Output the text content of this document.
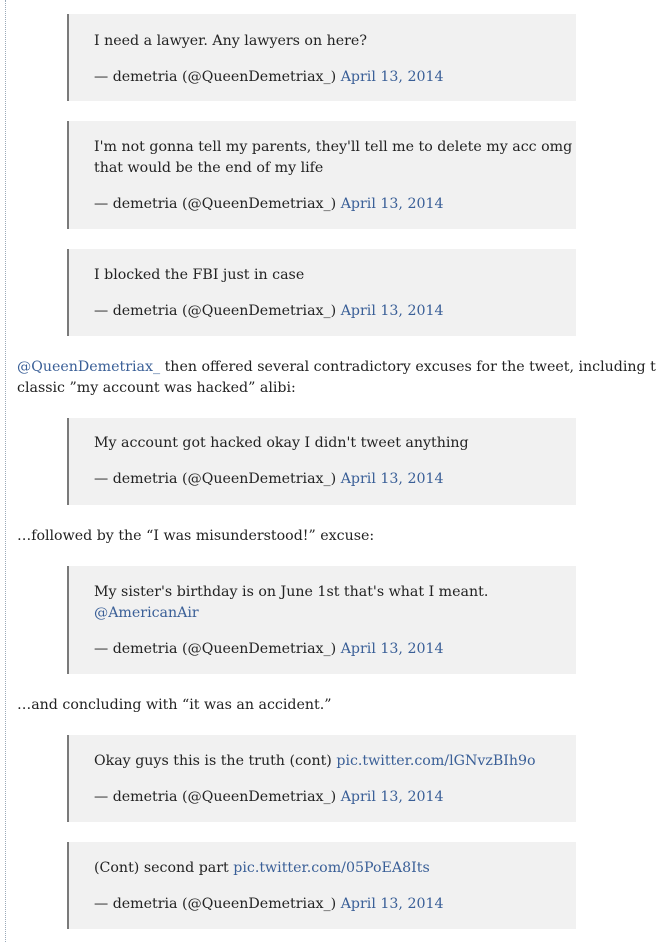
I need a lawyer. Any lawyers on here?

— demetria (@QueenDemetriax_) April 13, 2014

I'm not gonna tell my parents, they'll tell me to delete my acc omg
that would be the end of my life

— demetria (@QueenDemetriax_) April 13, 2014

I blocked the FBI just in case

— demetria (@QueenDemetriax_) April 13, 2014

@QueenDemetriax_ then offered several contradictory excuses for the tweet, including t
classic ”my account was hacked” alibi:

My account got hacked okay I didn't tweet anything

— demetria (@QueenDemetriax_) April 13, 2014

…followed by the “I was misunderstood!” excuse:

My sister's birthday is on June 1st that's what I meant.
@AmericanAir

— demetria (@QueenDemetriax_) April 13, 2014

…and concluding with “it was an accident.”

Okay guys this is the truth (cont) pic.twitter.com/lGNvzBIh9o

— demetria (@QueenDemetriax_) April 13, 2014

(Cont) second part pic.twitter.com/05PoEA8Its

— demetria (@QueenDemetriax_) April 13, 2014
